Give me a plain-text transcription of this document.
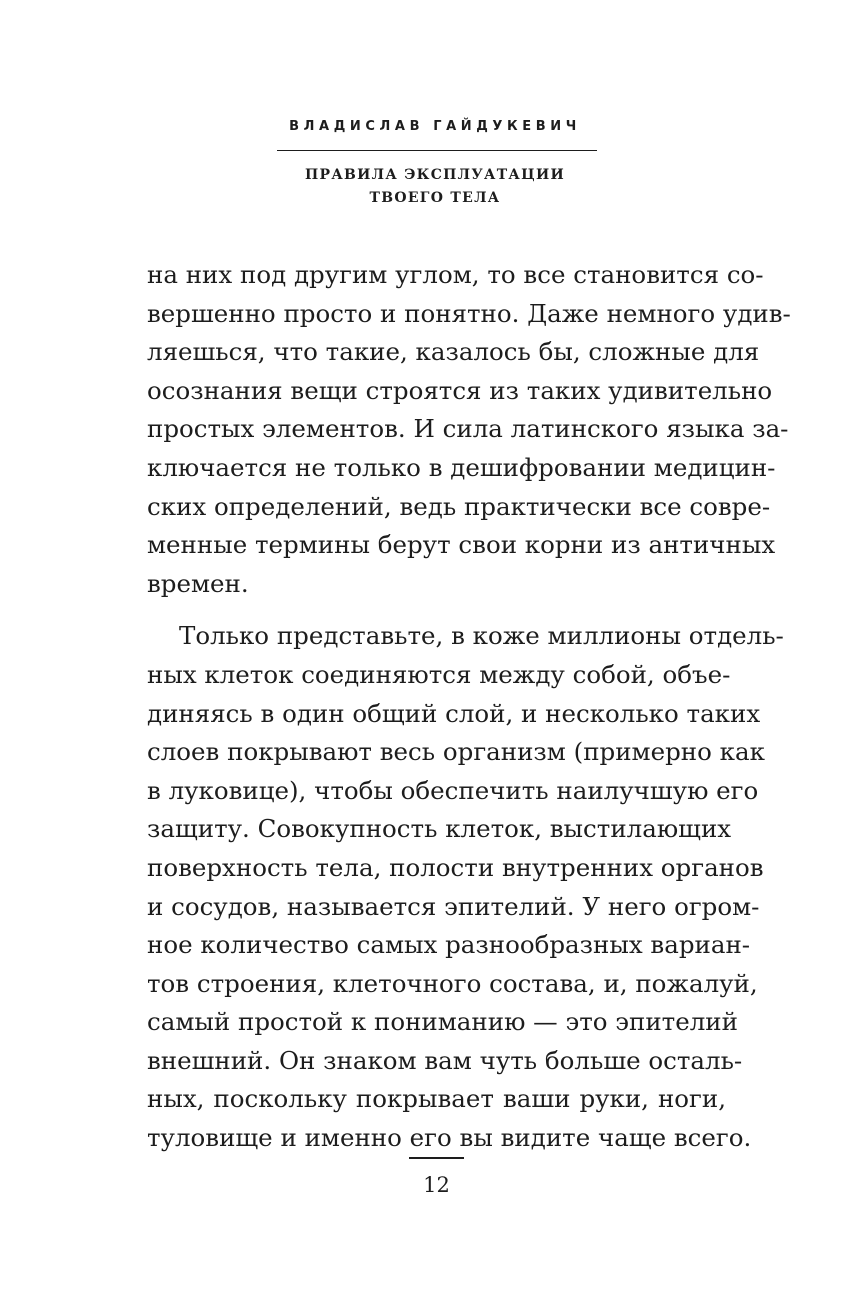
ВЛАДИСЛАВ ГАЙДУКЕВИЧ
ПРАВИЛА ЭКСПЛУАТАЦИИ
ТВОЕГО ТЕЛА
на них под другим углом, то все становится со-
вершенно просто и понятно. Даже немного удив-
ляешься, что такие, казалось бы, сложные для
осознания вещи строятся из таких удивительно
простых элементов. И сила латинского языка за-
ключается не только в дешифровании медицин-
ских определений, ведь практически все совре-
менные термины берут свои корни из античных
времен.
Только представьте, в коже миллионы отдель-
ных клеток соединяются между собой, объе-
диняясь в один общий слой, и несколько таких
слоев покрывают весь организм (примерно как
в луковице), чтобы обеспечить наилучшую его
защиту. Совокупность клеток, выстилающих
поверхность тела, полости внутренних органов
и сосудов, называется эпителий. У него огром-
ное количество самых разнообразных вариан-
тов строения, клеточного состава, и, пожалуй,
самый простой к пониманию — это эпителий
внешний. Он знаком вам чуть больше осталь-
ных, поскольку покрывает ваши руки, ноги,
туловище и именно его вы видите чаще всего.
12
